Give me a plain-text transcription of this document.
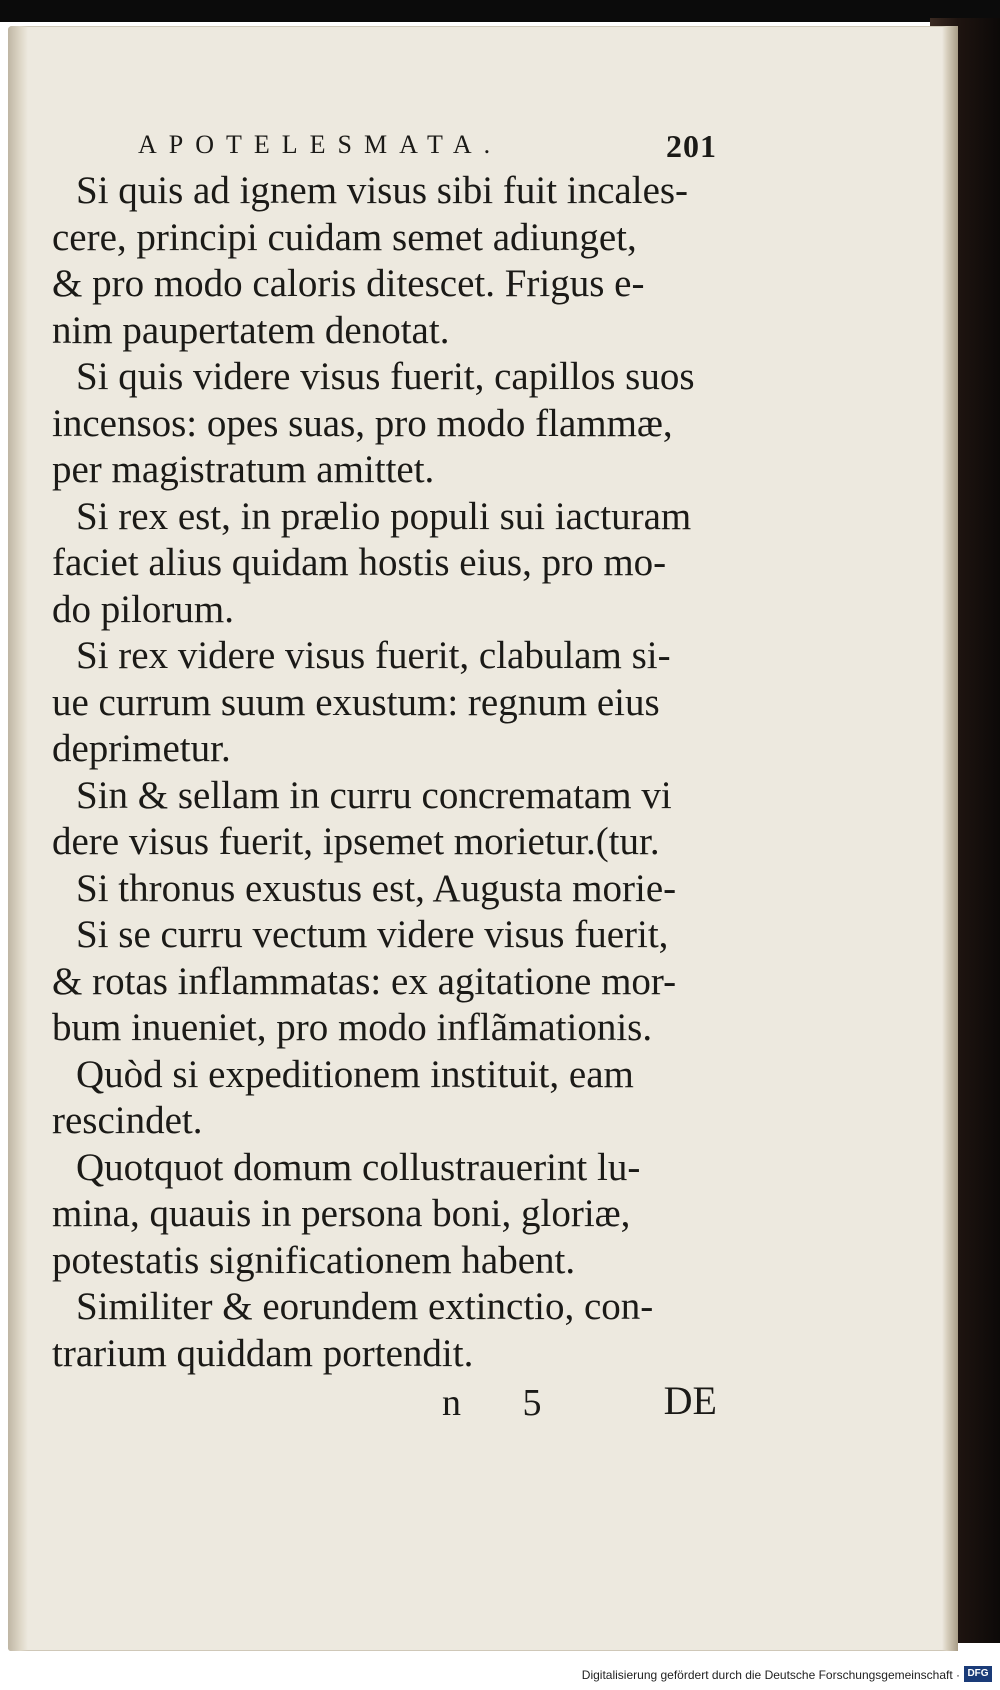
APOTELESMATA.	201
Si quis ad ignem visus sibi fuit incales-
cere, principi cuidam semet adiunget,
& pro modo caloris ditescet. Frigus e-
nim paupertatem denotat.
Si quis videre visus fuerit, capillos suos
incensos: opes suas, pro modo flammæ,
per magistratum amittet.
Si rex est, in prælio populi sui iacturam
faciet alius quidam hostis eius, pro mo-
do pilorum.
Si rex videre visus fuerit, clabulam si-
ue currum suum exustum: regnum eius
deprimetur.
Sin & sellam in curru concrematam vi
dere visus fuerit, ipsemet morietur.(tur.
Si thronus exustus est, Augusta morie-
Si se curru vectum videre visus fuerit,
& rotas inflammatas: ex agitatione mor-
bum inueniet, pro modo inflãmationis.
Quòd si expeditionem instituit, eam
rescindet.
Quotquot domum collustrauerint lu-
mina, quauis in persona boni, gloriæ,
potestatis significationem habent.
Similiter & eorundem extinctio, con-
trarium quiddam portendit.
n 5 DE
Digitalisierung gefördert durch die Deutsche Forschungsgemeinschaft · DFG
